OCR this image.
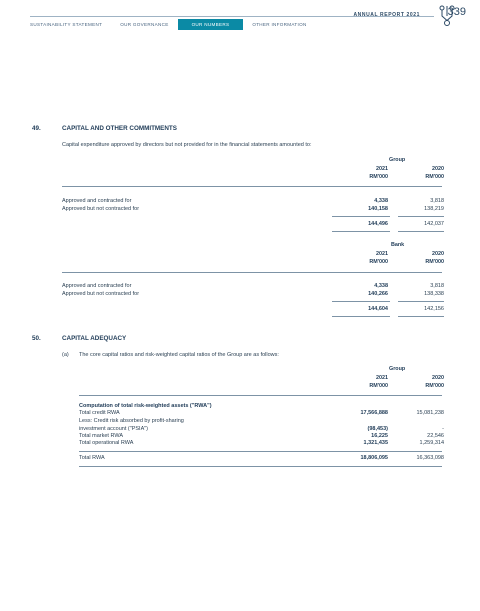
SUSTAINABILITY STATEMENT	OUR GOVERNANCE	OUR NUMBERS	OTHER INFORMATION
ANNUAL REPORT 2021	339
49.	CAPITAL AND OTHER COMMITMENTS
Capital expenditure approved by directors but not provided for in the financial statements amounted to:
Group
2021
RM'000
2020
RM'000
Approved and contracted for	4,338	3,818
Approved but not contracted for	140,158	138,219
144,496	142,037
Bank
2021
RM'000
2020
RM'000
Approved and contracted for	4,338	3,818
Approved but not contracted for	140,266	138,338
144,604	142,156
50.	CAPITAL ADEQUACY
(a) The core capital ratios and risk-weighted capital ratios of the Group are as follows:
Group
2021
RM'000
2020
RM'000
Computation of total risk-weighted assets ("RWA")
Total credit RWA	17,566,888	15,081,238
Less: Credit risk absorbed by profit-sharing
investment account ("PSIA")	(98,453)	-
Total market RWA	16,225	22,546
Total operational RWA	1,321,435	1,259,314
Total RWA	18,806,095	16,363,098
